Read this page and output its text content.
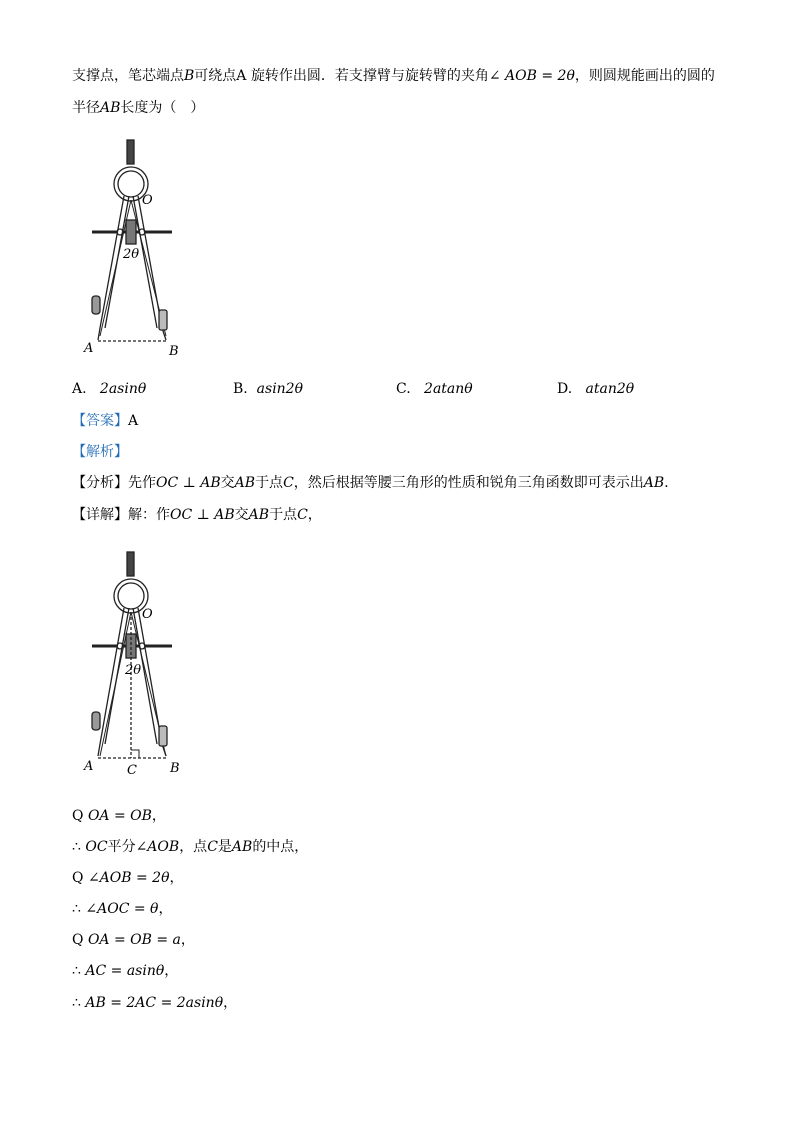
支撑点，笔芯端点B可绕点A 旋转作出圆．若支撑臂与旋转臂的夹角∠ AOB = 2θ，则圆规能画出的圆的
半径AB长度为（　）
O
2θ
A	B
A. 2asinθ	B. asin2θ	C. 2atanθ	D. atan2θ
【答案】A
【解析】
【分析】先作OC ⊥ AB交AB于点C，然后根据等腰三角形的性质和锐角三角函数即可表示出AB．
【详解】解：作OC ⊥ AB交AB于点C，
O
2θ
A	C	B
Q OA = OB，
∴ OC平分∠AOB，点C是AB的中点，
Q ∠AOB = 2θ，
∴ ∠AOC = θ，
Q OA = OB = a，
∴ AC = asinθ，
∴ AB = 2AC = 2asinθ，
